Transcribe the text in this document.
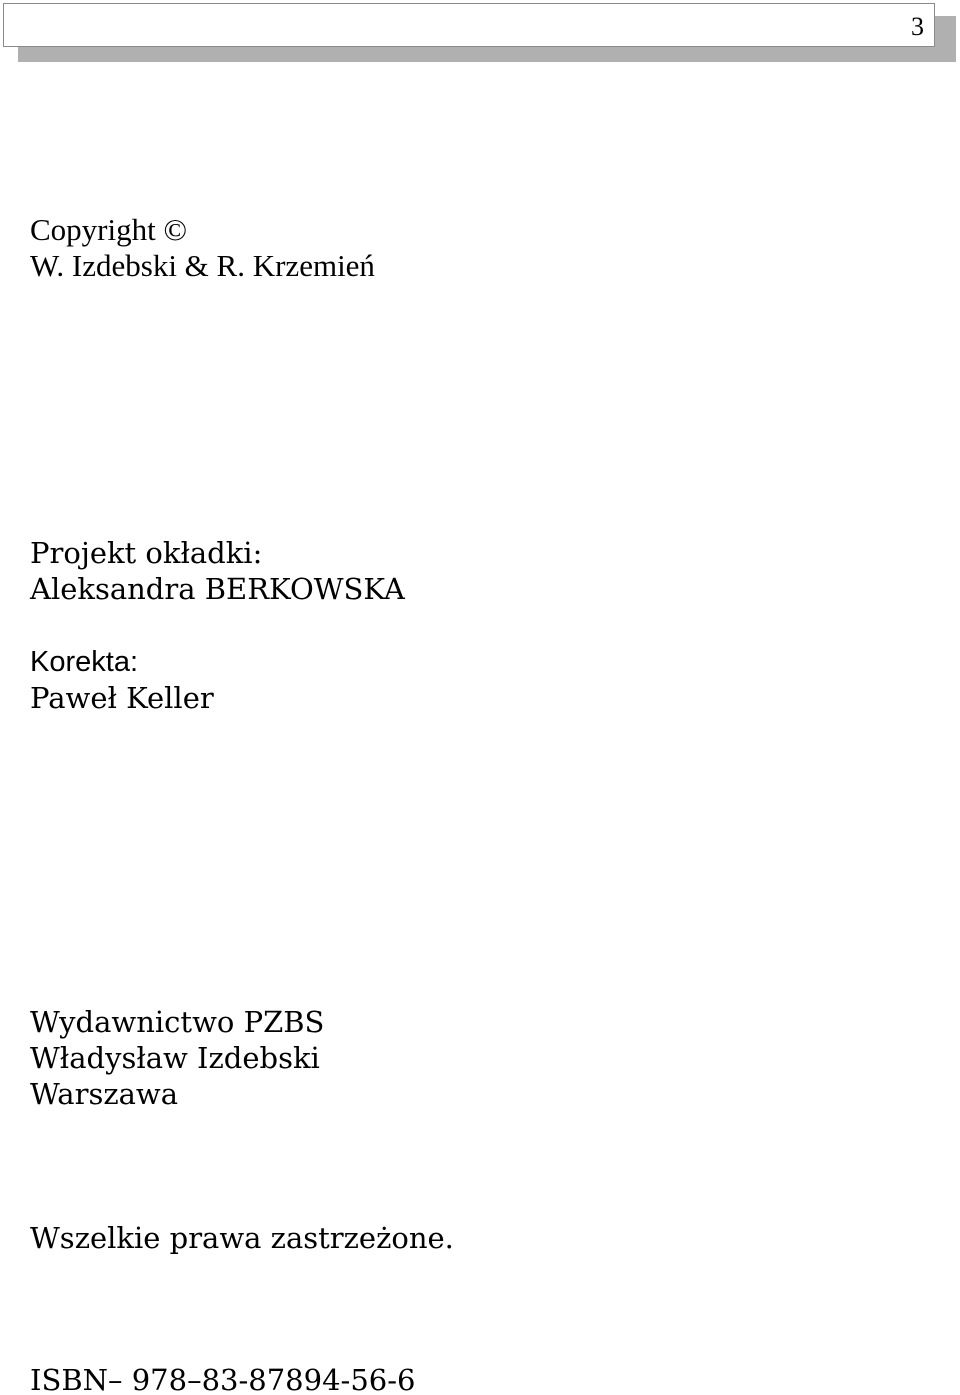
3
Copyright ©
W. Izdebski & R. Krzemień
Projekt okładki:
Aleksandra BERKOWSKA
Korekta:
Paweł Keller
Wydawnictwo PZBS
Władysław Izdebski
Warszawa
Wszelkie prawa zastrzeżone.
ISBN– 978–83-87894-56-6
